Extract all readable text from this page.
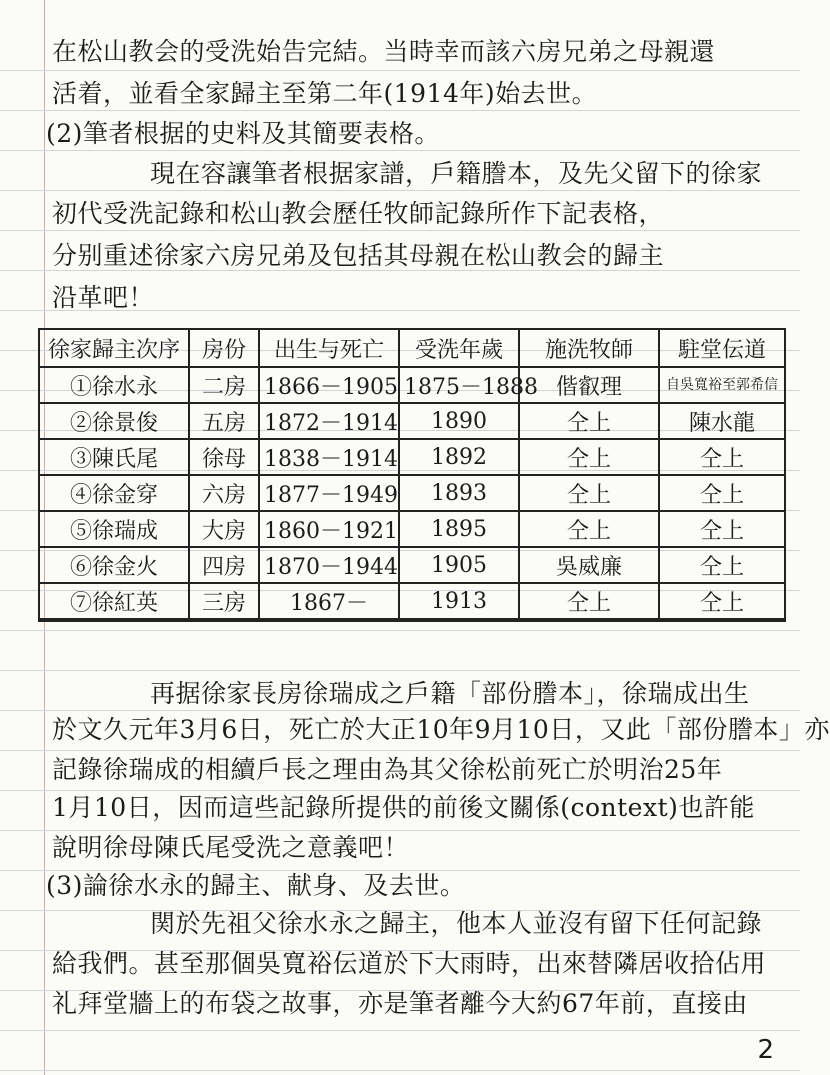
在松山教会的受洗始告完結。当時幸而該六房兄弟之母親還
活着，並看全家歸主至第二年(1914年)始去世。
(2)筆者根据的史料及其簡要表格。
現在容讓筆者根据家譜，戶籍謄本，及先父留下的徐家
初代受洗記錄和松山教会歷任牧師記錄所作下記表格，
分别重述徐家六房兄弟及包括其母親在松山教会的歸主
沿革吧！
徐家歸主次序	房份	出生与死亡	受洗年歲	施洗牧師	駐堂伝道
①徐水永	二房	1866－1905	1875－1888	偕叡理	自吳寬裕至郭希信
②徐景俊	五房	1872－1914	1890	仝上	陳水龍
③陳氏尾	徐母	1838－1914	1892	仝上	仝上
④徐金穿	六房	1877－1949	1893	仝上	仝上
⑤徐瑞成	大房	1860－1921	1895	仝上	仝上
⑥徐金火	四房	1870－1944	1905	吳威廉	仝上
⑦徐紅英	三房	1867－	1913	仝上	仝上
再据徐家長房徐瑞成之戶籍「部份謄本」，徐瑞成出生
於文久元年3月6日，死亡於大正10年9月10日，又此「部份謄本」亦
記錄徐瑞成的相續戶長之理由為其父徐松前死亡於明治25年
1月10日，因而這些記錄所提供的前後文關係(context)也許能
說明徐母陳氏尾受洗之意義吧！
(3)論徐水永的歸主、献身、及去世。
関於先祖父徐水永之歸主，他本人並沒有留下任何記錄
給我們。甚至那個吳寬裕伝道於下大雨時，出來替隣居收拾佔用
礼拜堂牆上的布袋之故事，亦是筆者離今大約67年前，直接由
2
